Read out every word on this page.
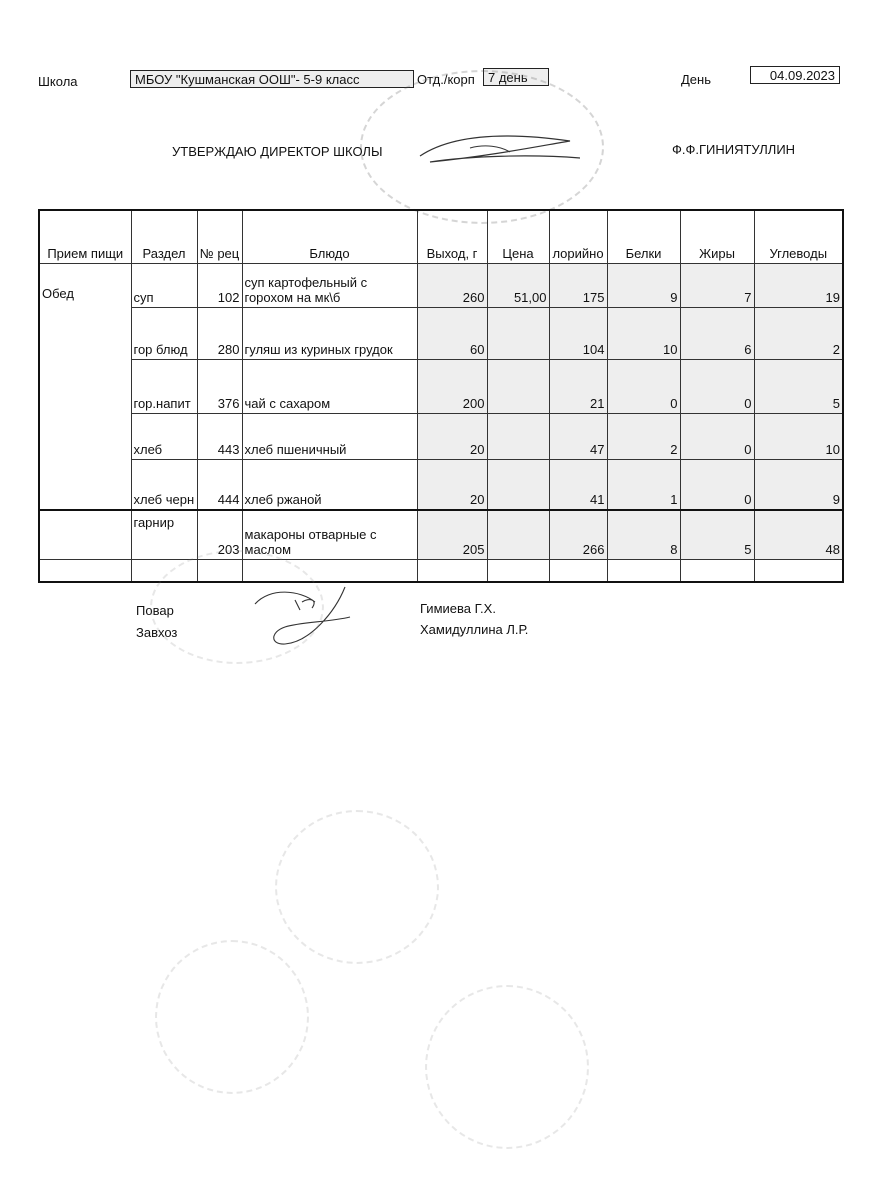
Школа	МБОУ "Кушманская ООШ"- 5-9 класс	Отд./корп	7 день	День	04.09.2023
УТВЕРЖДАЮ ДИРЕКТОР ШКОЛЫ	Ф.Ф.ГИНИЯТУЛЛИН
Прием пищи	Раздел	№ рец	Блюдо	Выход, г	Цена	лорийно	Белки	Жиры	Углеводы
Обед	суп	102	суп картофельный с горохом на мк\б	260	51,00	175	9	7	19
	гор блюд	280	гуляш из куриных грудок	60		104	10	6	2
	гор.напит	376	чай с сахаром	200		21	0	0	5
	хлеб	443	хлеб пшеничный	20		47	2	0	10
	хлеб черн	444	хлеб ржаной	20		41	1	0	9
	гарнир	203	макароны отварные с маслом	205		266	8	5	48

Повар
Завхоз
Гимиева Г.Х.
Хамидуллина Л.Р.
